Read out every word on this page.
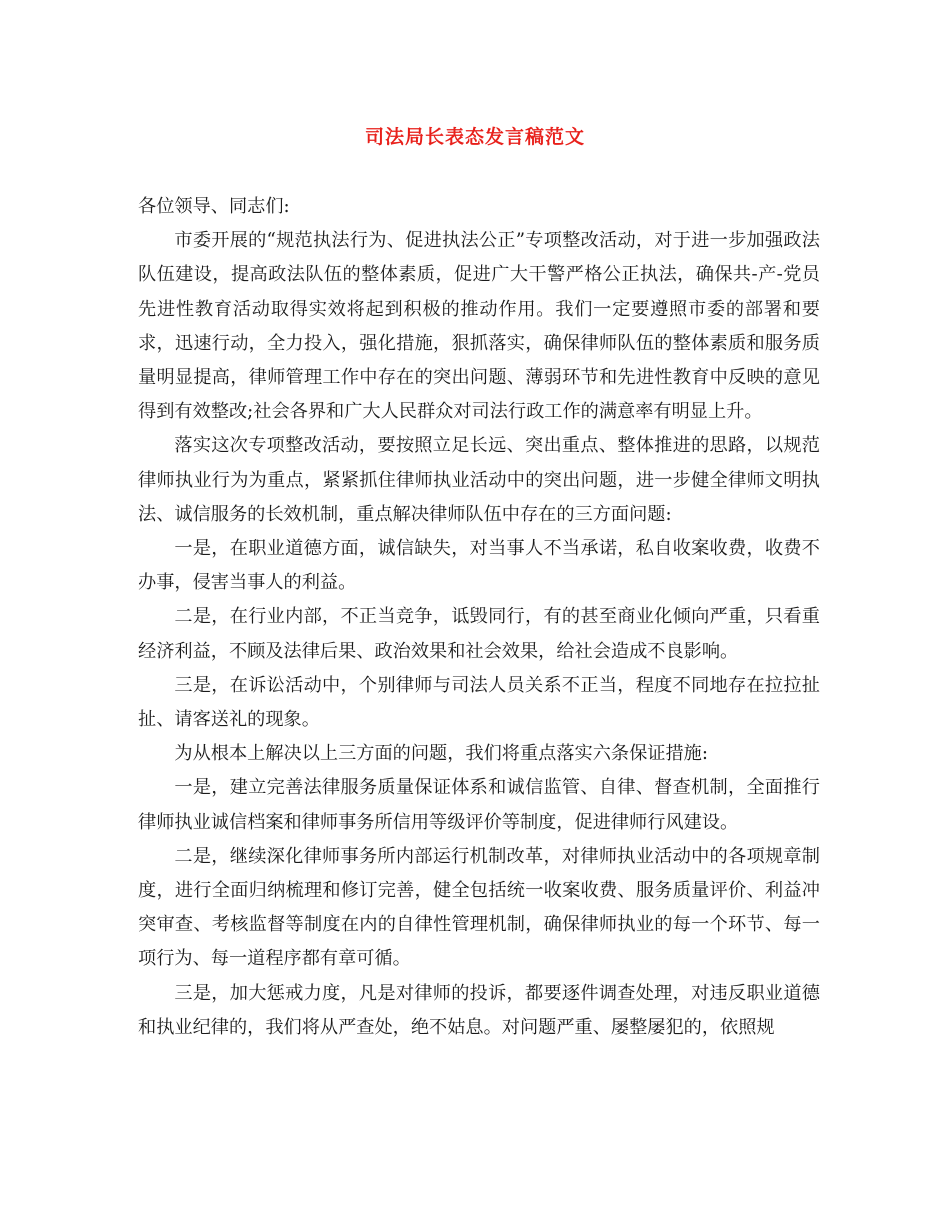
司法局长表态发言稿范文

各位领导、同志们:

市委开展的“规范执法行为、促进执法公正”专项整改活动，对于进一步加强政法队伍建设，提高政法队伍的整体素质，促进广大干警严格公正执法，确保共-产-党员先进性教育活动取得实效将起到积极的推动作用。我们一定要遵照市委的部署和要求，迅速行动，全力投入，强化措施，狠抓落实，确保律师队伍的整体素质和服务质量明显提高，律师管理工作中存在的突出问题、薄弱环节和先进性教育中反映的意见得到有效整改;社会各界和广大人民群众对司法行政工作的满意率有明显上升。

落实这次专项整改活动，要按照立足长远、突出重点、整体推进的思路，以规范律师执业行为为重点，紧紧抓住律师执业活动中的突出问题，进一步健全律师文明执法、诚信服务的长效机制，重点解决律师队伍中存在的三方面问题:

一是，在职业道德方面，诚信缺失，对当事人不当承诺，私自收案收费，收费不办事，侵害当事人的利益。

二是，在行业内部，不正当竞争，诋毁同行，有的甚至商业化倾向严重，只看重经济利益，不顾及法律后果、政治效果和社会效果，给社会造成不良影响。

三是，在诉讼活动中，个别律师与司法人员关系不正当，程度不同地存在拉拉扯扯、请客送礼的现象。

为从根本上解决以上三方面的问题，我们将重点落实六条保证措施:

一是，建立完善法律服务质量保证体系和诚信监管、自律、督查机制，全面推行律师执业诚信档案和律师事务所信用等级评价等制度，促进律师行风建设。

二是，继续深化律师事务所内部运行机制改革，对律师执业活动中的各项规章制度，进行全面归纳梳理和修订完善，健全包括统一收案收费、服务质量评价、利益冲突审查、考核监督等制度在内的自律性管理机制，确保律师执业的每一个环节、每一项行为、每一道程序都有章可循。

三是，加大惩戒力度，凡是对律师的投诉，都要逐件调查处理，对违反职业道德和执业纪律的，我们将从严查处，绝不姑息。对问题严重、屡整屡犯的，依照规
